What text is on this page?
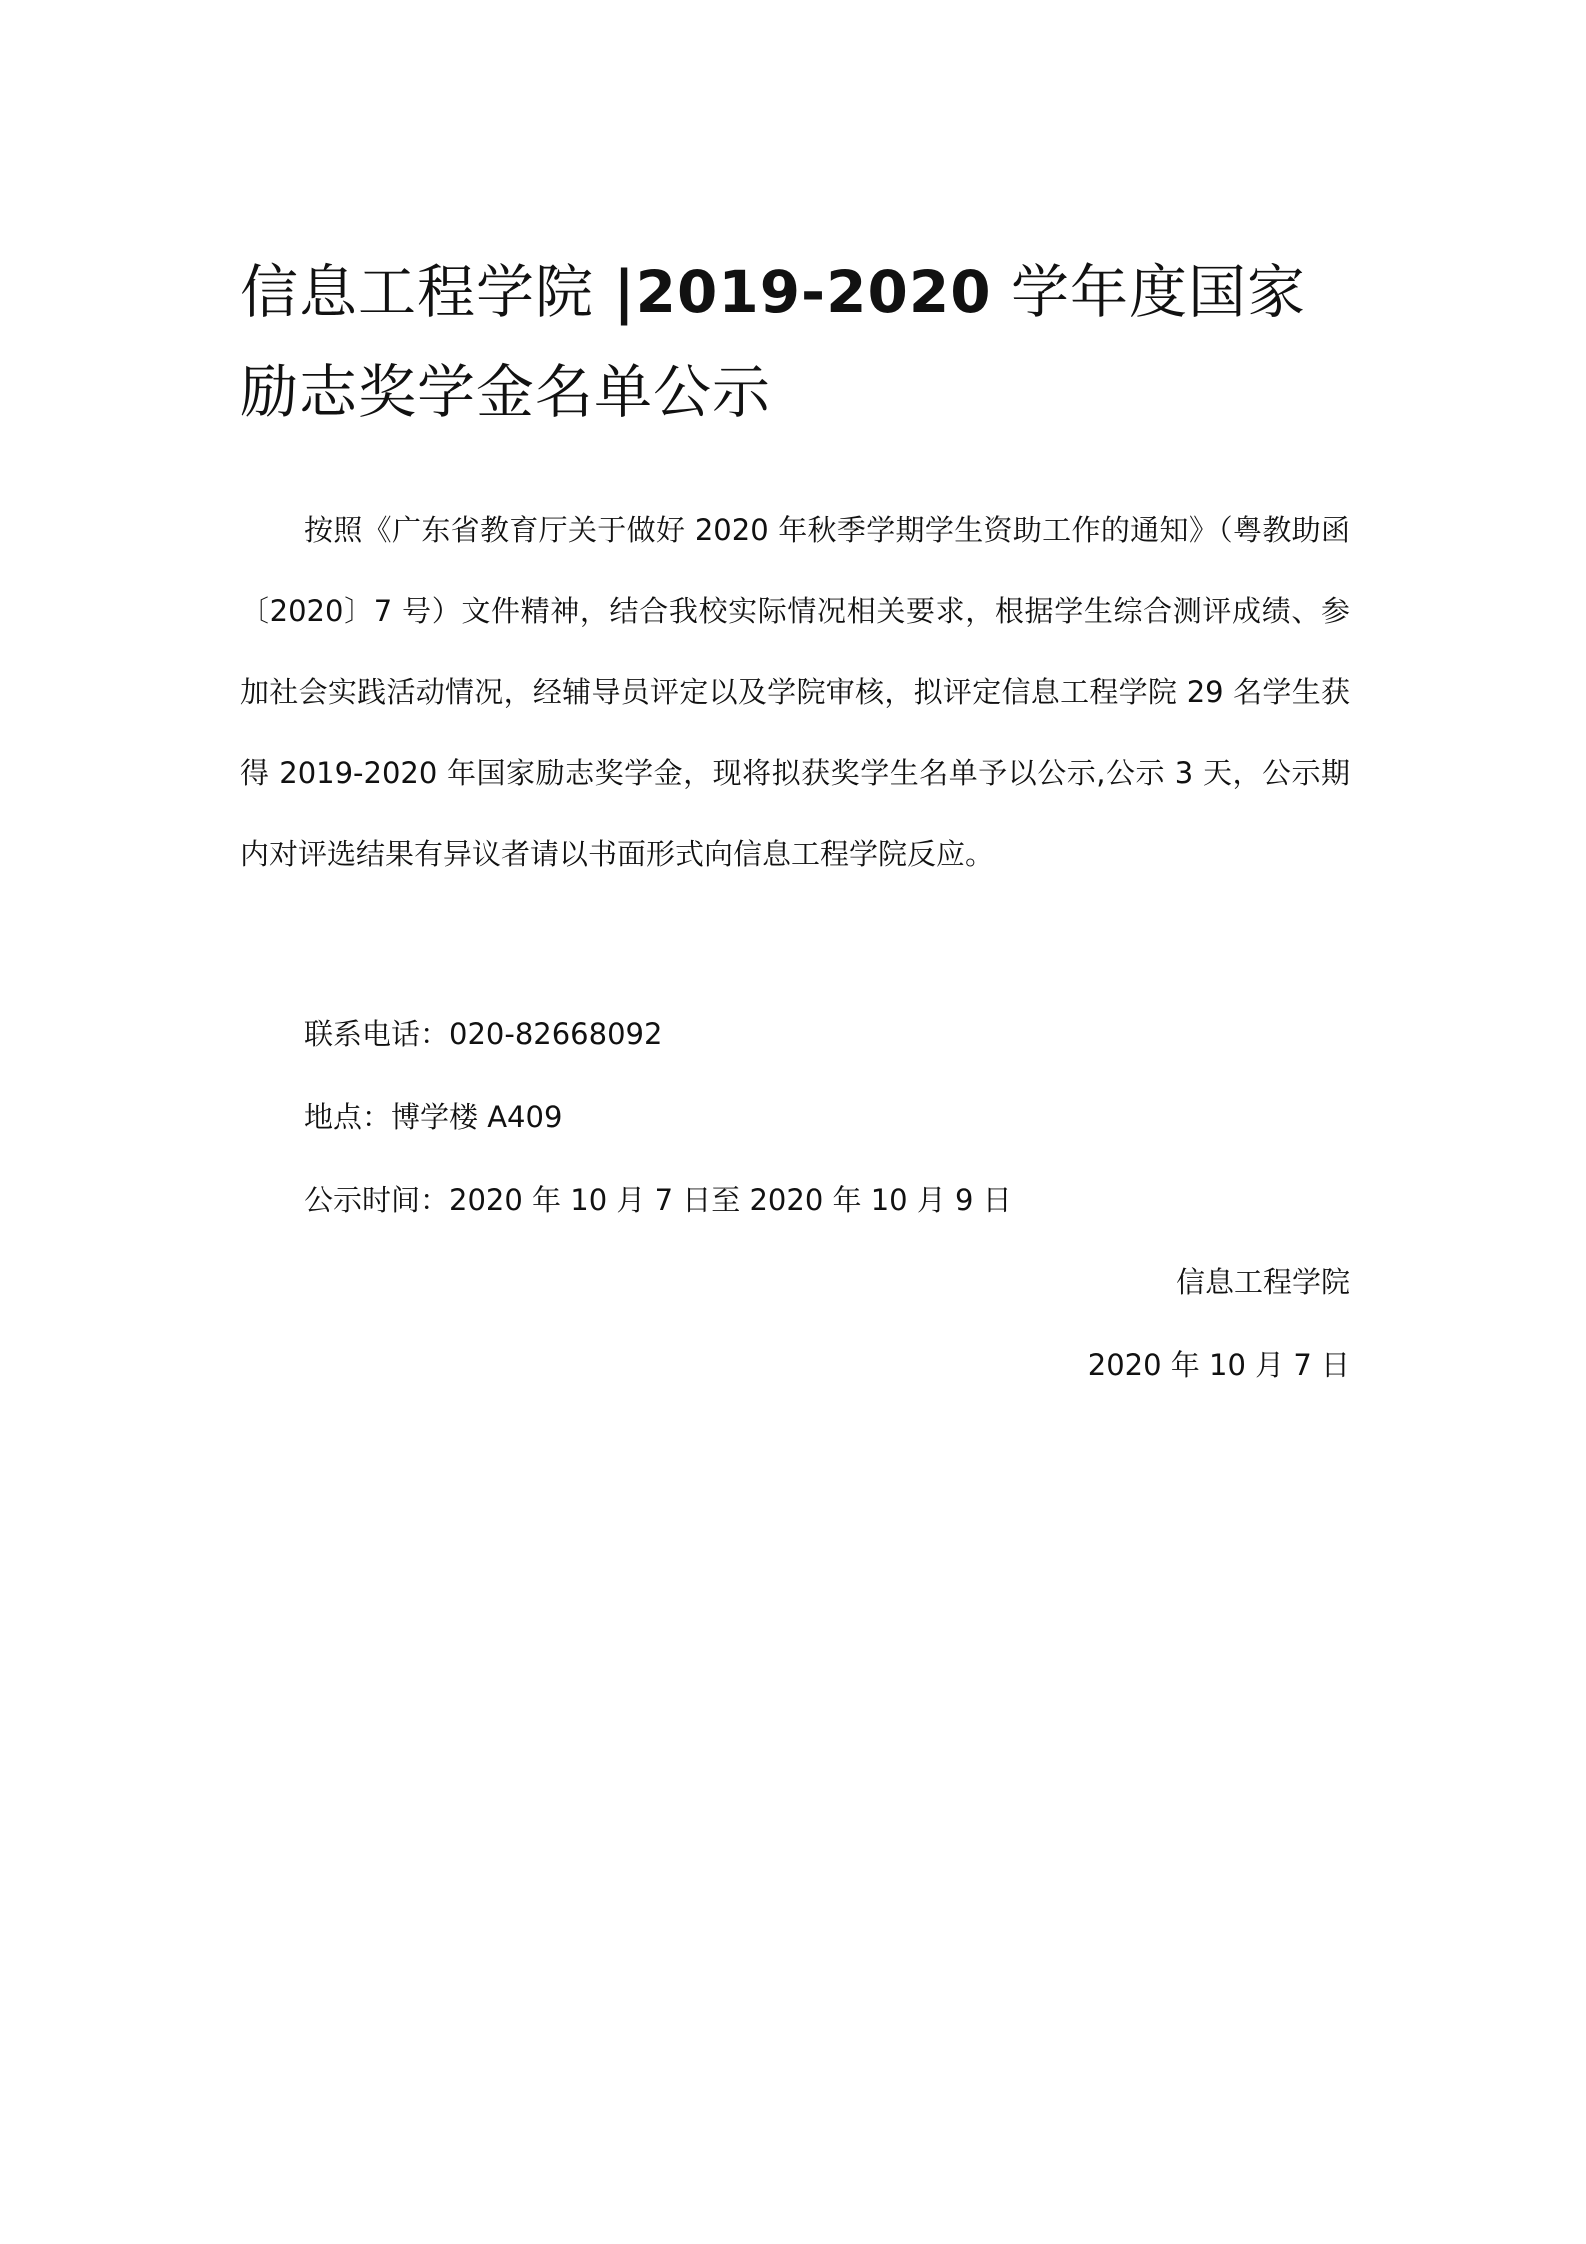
信息工程学院 |2019-2020 学年度国家励志奖学金名单公示

按照《广东省教育厅关于做好 2020 年秋季学期学生资助工作的通知》（粤教助函〔2020〕7 号）文件精神，结合我校实际情况相关要求，根据学生综合测评成绩、参加社会实践活动情况，经辅导员评定以及学院审核，拟评定信息工程学院 29 名学生获得 2019-2020 年国家励志奖学金，现将拟获奖学生名单予以公示,公示 3 天，公示期内对评选结果有异议者请以书面形式向信息工程学院反应。

联系电话：020-82668092

地点：博学楼 A409

公示时间：2020 年 10 月 7 日至 2020 年 10 月 9 日

信息工程学院

2020 年 10 月 7 日
